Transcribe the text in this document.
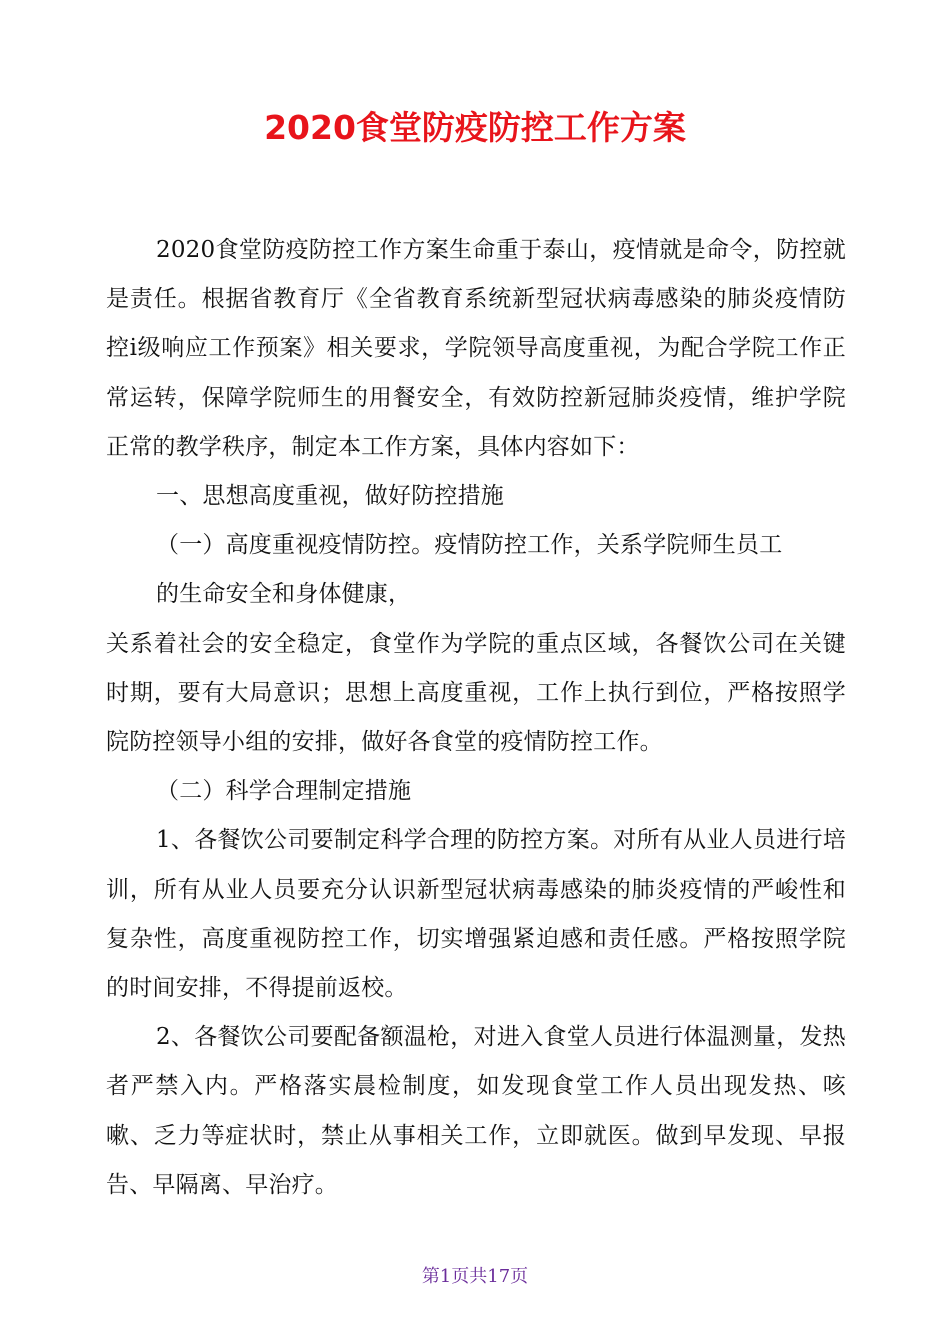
2020食堂防疫防控工作方案

2020食堂防疫防控工作方案生命重于泰山，疫情就是命令，防控就是责任。根据省教育厅《全省教育系统新型冠状病毒感染的肺炎疫情防控ⅰ级响应工作预案》相关要求，学院领导高度重视，为配合学院工作正常运转，保障学院师生的用餐安全，有效防控新冠肺炎疫情，维护学院正常的教学秩序，制定本工作方案，具体内容如下：

一、思想高度重视，做好防控措施

（一）高度重视疫情防控。疫情防控工作，关系学院师生员工

的生命安全和身体健康，

关系着社会的安全稳定，食堂作为学院的重点区域，各餐饮公司在关键时期，要有大局意识；思想上高度重视，工作上执行到位，严格按照学院防控领导小组的安排，做好各食堂的疫情防控工作。

（二）科学合理制定措施

1、各餐饮公司要制定科学合理的防控方案。对所有从业人员进行培训，所有从业人员要充分认识新型冠状病毒感染的肺炎疫情的严峻性和复杂性，高度重视防控工作，切实增强紧迫感和责任感。严格按照学院的时间安排，不得提前返校。

2、各餐饮公司要配备额温枪，对进入食堂人员进行体温测量，发热者严禁入内。严格落实晨检制度，如发现食堂工作人员出现发热、咳嗽、乏力等症状时，禁止从事相关工作，立即就医。做到早发现、早报告、早隔离、早治疗。

第1页共17页
